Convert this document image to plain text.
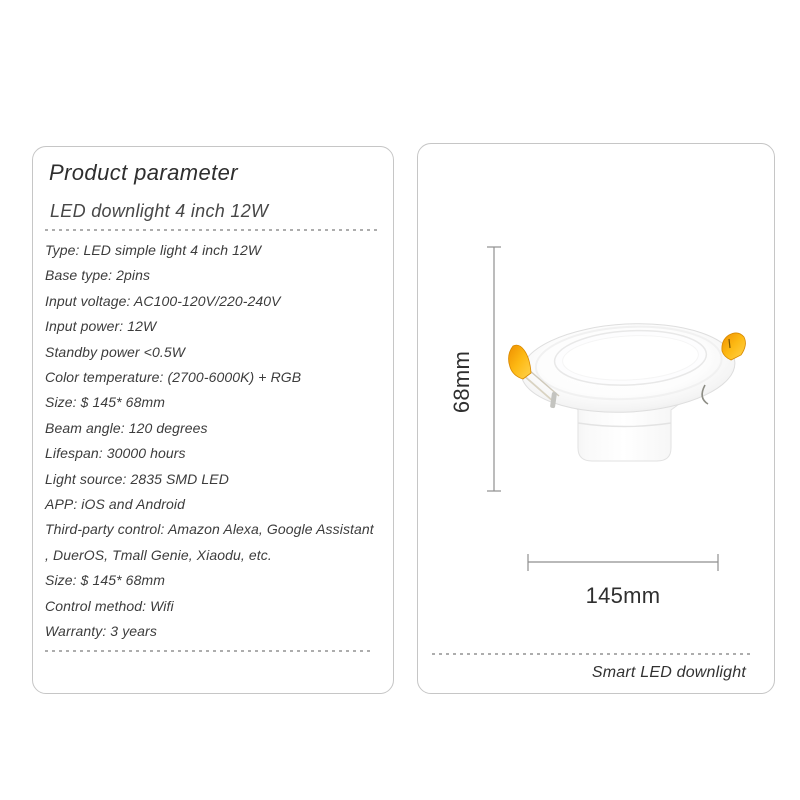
Product parameter
LED downlight 4 inch 12W
Type: LED simple light 4 inch 12W
Base type: 2pins
Input voltage: AC100-120V/220-240V
Input power: 12W
Standby power <0.5W
Color temperature: (2700-6000K) + RGB
Size: $ 145* 68mm
Beam angle: 120 degrees
Lifespan: 30000 hours
Light source: 2835 SMD LED
APP: iOS and Android
Third-party control: Amazon Alexa, Google Assistant
, DuerOS, Tmall Genie, Xiaodu, etc.
Size: $ 145* 68mm
Control method: Wifi
Warranty: 3 years
68mm
145mm
Smart LED downlight
